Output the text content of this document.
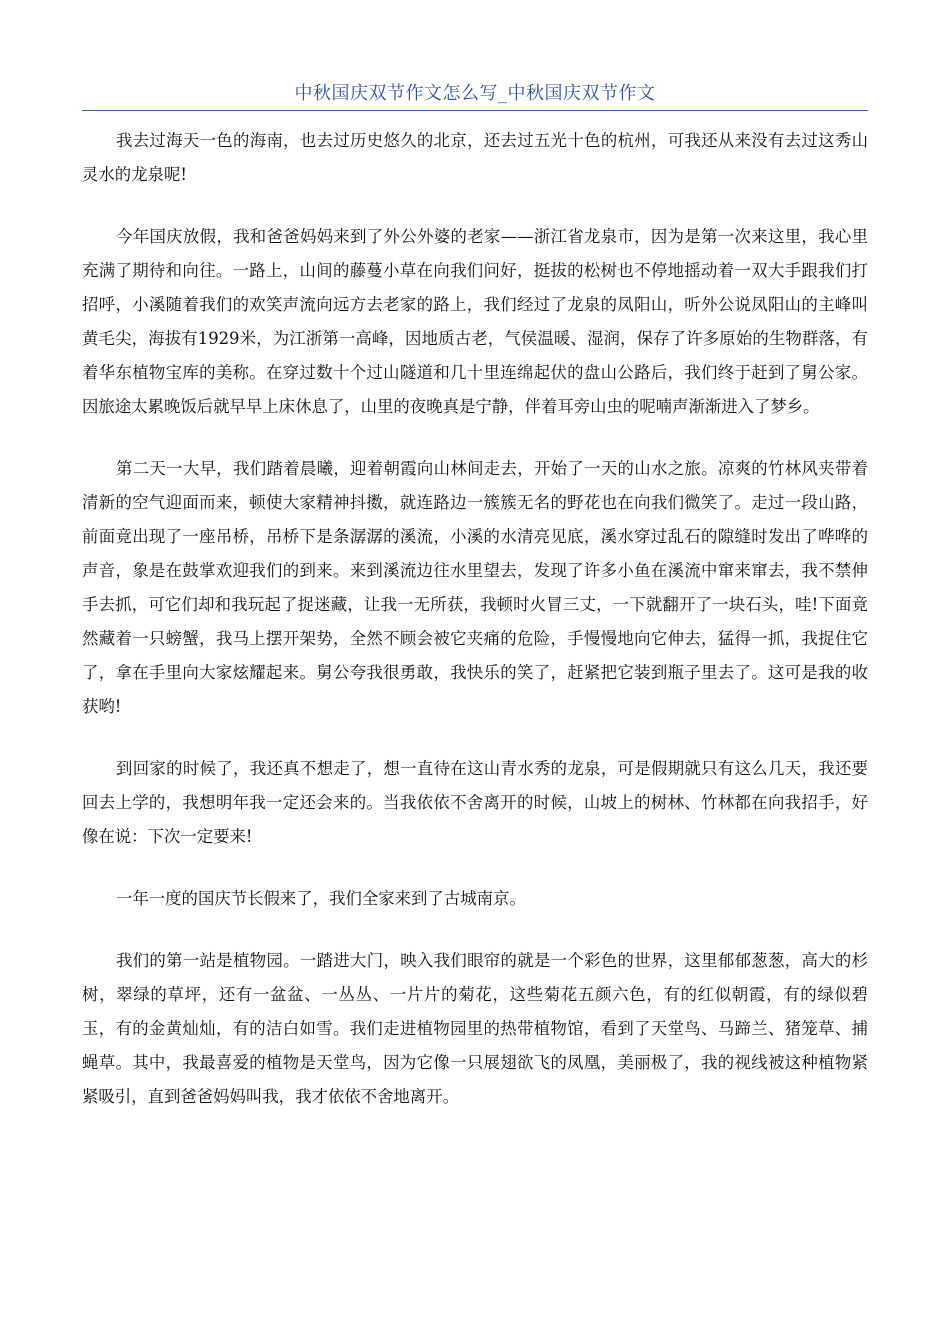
中秋国庆双节作文怎么写_中秋国庆双节作文

我去过海天一色的海南，也去过历史悠久的北京，还去过五光十色的杭州，可我还从来没有去过这秀山灵水的龙泉呢!

今年国庆放假，我和爸爸妈妈来到了外公外婆的老家——浙江省龙泉市，因为是第一次来这里，我心里充满了期待和向往。一路上，山间的藤蔓小草在向我们问好，挺拔的松树也不停地摇动着一双大手跟我们打招呼，小溪随着我们的欢笑声流向远方去老家的路上，我们经过了龙泉的凤阳山，听外公说凤阳山的主峰叫黄毛尖，海拔有1929米，为江浙第一高峰，因地质古老，气侯温暖、湿润，保存了许多原始的生物群落，有着华东植物宝库的美称。在穿过数十个过山隧道和几十里连绵起伏的盘山公路后，我们终于赶到了舅公家。因旅途太累晚饭后就早早上床休息了，山里的夜晚真是宁静，伴着耳旁山虫的呢喃声渐渐进入了梦乡。

第二天一大早，我们踏着晨曦，迎着朝霞向山林间走去，开始了一天的山水之旅。凉爽的竹林风夹带着清新的空气迎面而来，顿使大家精神抖擞，就连路边一簇簇无名的野花也在向我们微笑了。走过一段山路，前面竟出现了一座吊桥，吊桥下是条潺潺的溪流，小溪的水清亮见底，溪水穿过乱石的隙缝时发出了哗哗的声音，象是在鼓掌欢迎我们的到来。来到溪流边往水里望去，发现了许多小鱼在溪流中窜来窜去，我不禁伸手去抓，可它们却和我玩起了捉迷藏，让我一无所获，我顿时火冒三丈，一下就翻开了一块石头，哇!下面竟然藏着一只螃蟹，我马上摆开架势，全然不顾会被它夹痛的危险，手慢慢地向它伸去，猛得一抓，我捉住它了，拿在手里向大家炫耀起来。舅公夸我很勇敢，我快乐的笑了，赶紧把它装到瓶子里去了。这可是我的收获哟!

到回家的时候了，我还真不想走了，想一直待在这山青水秀的龙泉，可是假期就只有这么几天，我还要回去上学的，我想明年我一定还会来的。当我依依不舍离开的时候，山坡上的树林、竹林都在向我招手，好像在说：下次一定要来!

一年一度的国庆节长假来了，我们全家来到了古城南京。

我们的第一站是植物园。一踏进大门，映入我们眼帘的就是一个彩色的世界，这里郁郁葱葱，高大的杉树，翠绿的草坪，还有一盆盆、一丛丛、一片片的菊花，这些菊花五颜六色，有的红似朝霞，有的绿似碧玉，有的金黄灿灿，有的洁白如雪。我们走进植物园里的热带植物馆，看到了天堂鸟、马蹄兰、猪笼草、捕蝇草。其中，我最喜爱的植物是天堂鸟，因为它像一只展翅欲飞的凤凰，美丽极了，我的视线被这种植物紧紧吸引，直到爸爸妈妈叫我，我才依依不舍地离开。
